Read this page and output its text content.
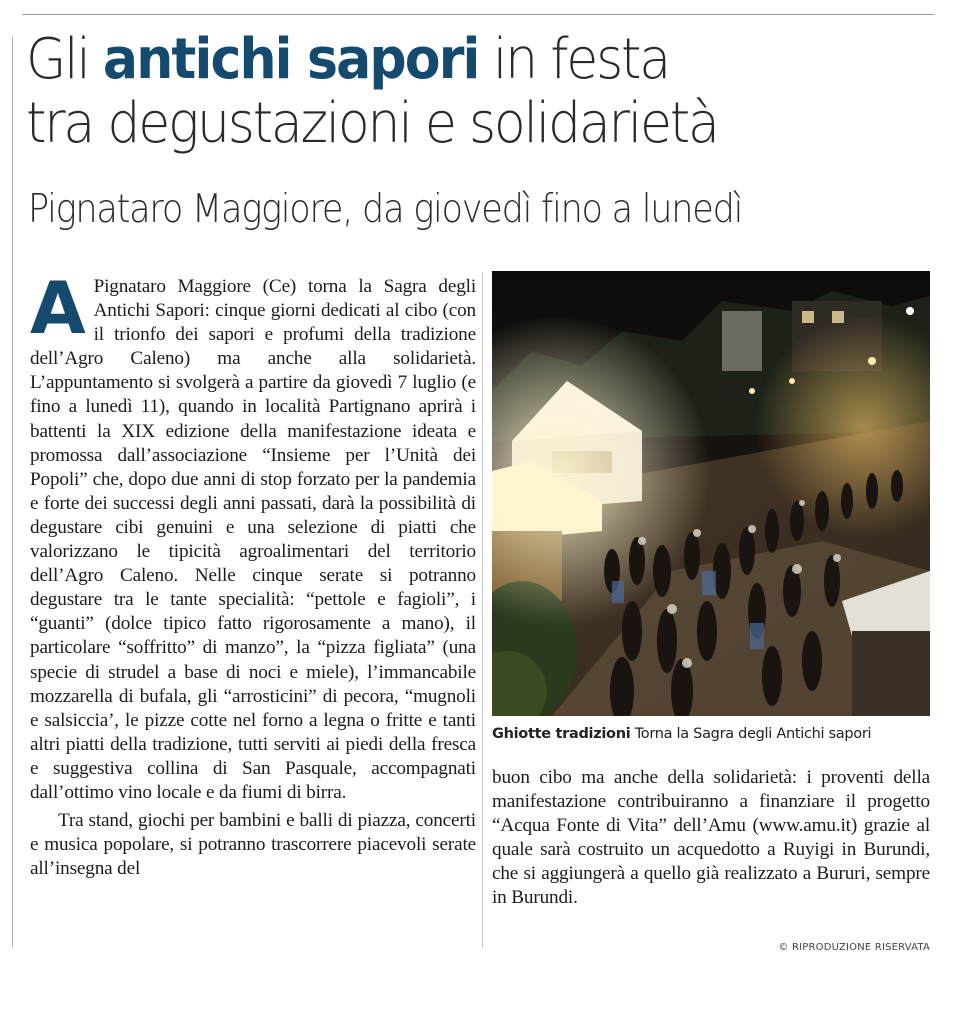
Gli antichi sapori in festa
tra degustazioni e solidarietà
Pignataro Maggiore, da giovedì fino a lunedì

A Pignataro Maggiore (Ce) torna la Sagra degli Antichi Sapori: cinque giorni dedicati al cibo (con il trionfo dei sapori e profumi della tradizione dell’Agro Caleno) ma anche alla solidarietà. L’appuntamento si svolgerà a partire da giovedì 7 luglio (e fino a lunedì 11), quando in località Partignano aprirà i battenti la XIX edizione della manifestazione ideata e promossa dall’associazione “Insieme per l’Unità dei Popoli” che, dopo due anni di stop forzato per la pandemia e forte dei successi degli anni passati, darà la possibilità di degustare cibi genuini e una selezione di piatti che valorizzano le tipicità agroalimentari del territorio dell’Agro Caleno. Nelle cinque serate si potranno degustare tra le tante specialità: “pettole e fagioli”, i “guanti” (dolce tipico fatto rigorosamente a mano), il particolare “soffritto” di manzo”, la “pizza figliata” (una specie di strudel a base di noci e miele), l’immancabile mozzarella di bufala, gli “arrosticini” di pecora, “mugnoli e salsiccia’, le pizze cotte nel forno a legna o fritte e tanti altri piatti della tradizione, tutti serviti ai piedi della fresca e suggestiva collina di San Pasquale, accompagnati dall’ottimo vino locale e da fiumi di birra.

Tra stand, giochi per bambini e balli di piazza, concerti e musica popolare, si potranno trascorrere piacevoli serate all’insegna del

Ghiotte tradizioni Torna la Sagra degli Antichi sapori

buon cibo ma anche della solidarietà: i proventi della manifestazione contribuiranno a finanziare il progetto “Acqua Fonte di Vita” dell’Amu (www.amu.it) grazie al quale sarà costruito un acquedotto a Ruyigi in Burundi, che si aggiungerà a quello già realizzato a Bururi, sempre in Burundi.

© RIPRODUZIONE RISERVATA
